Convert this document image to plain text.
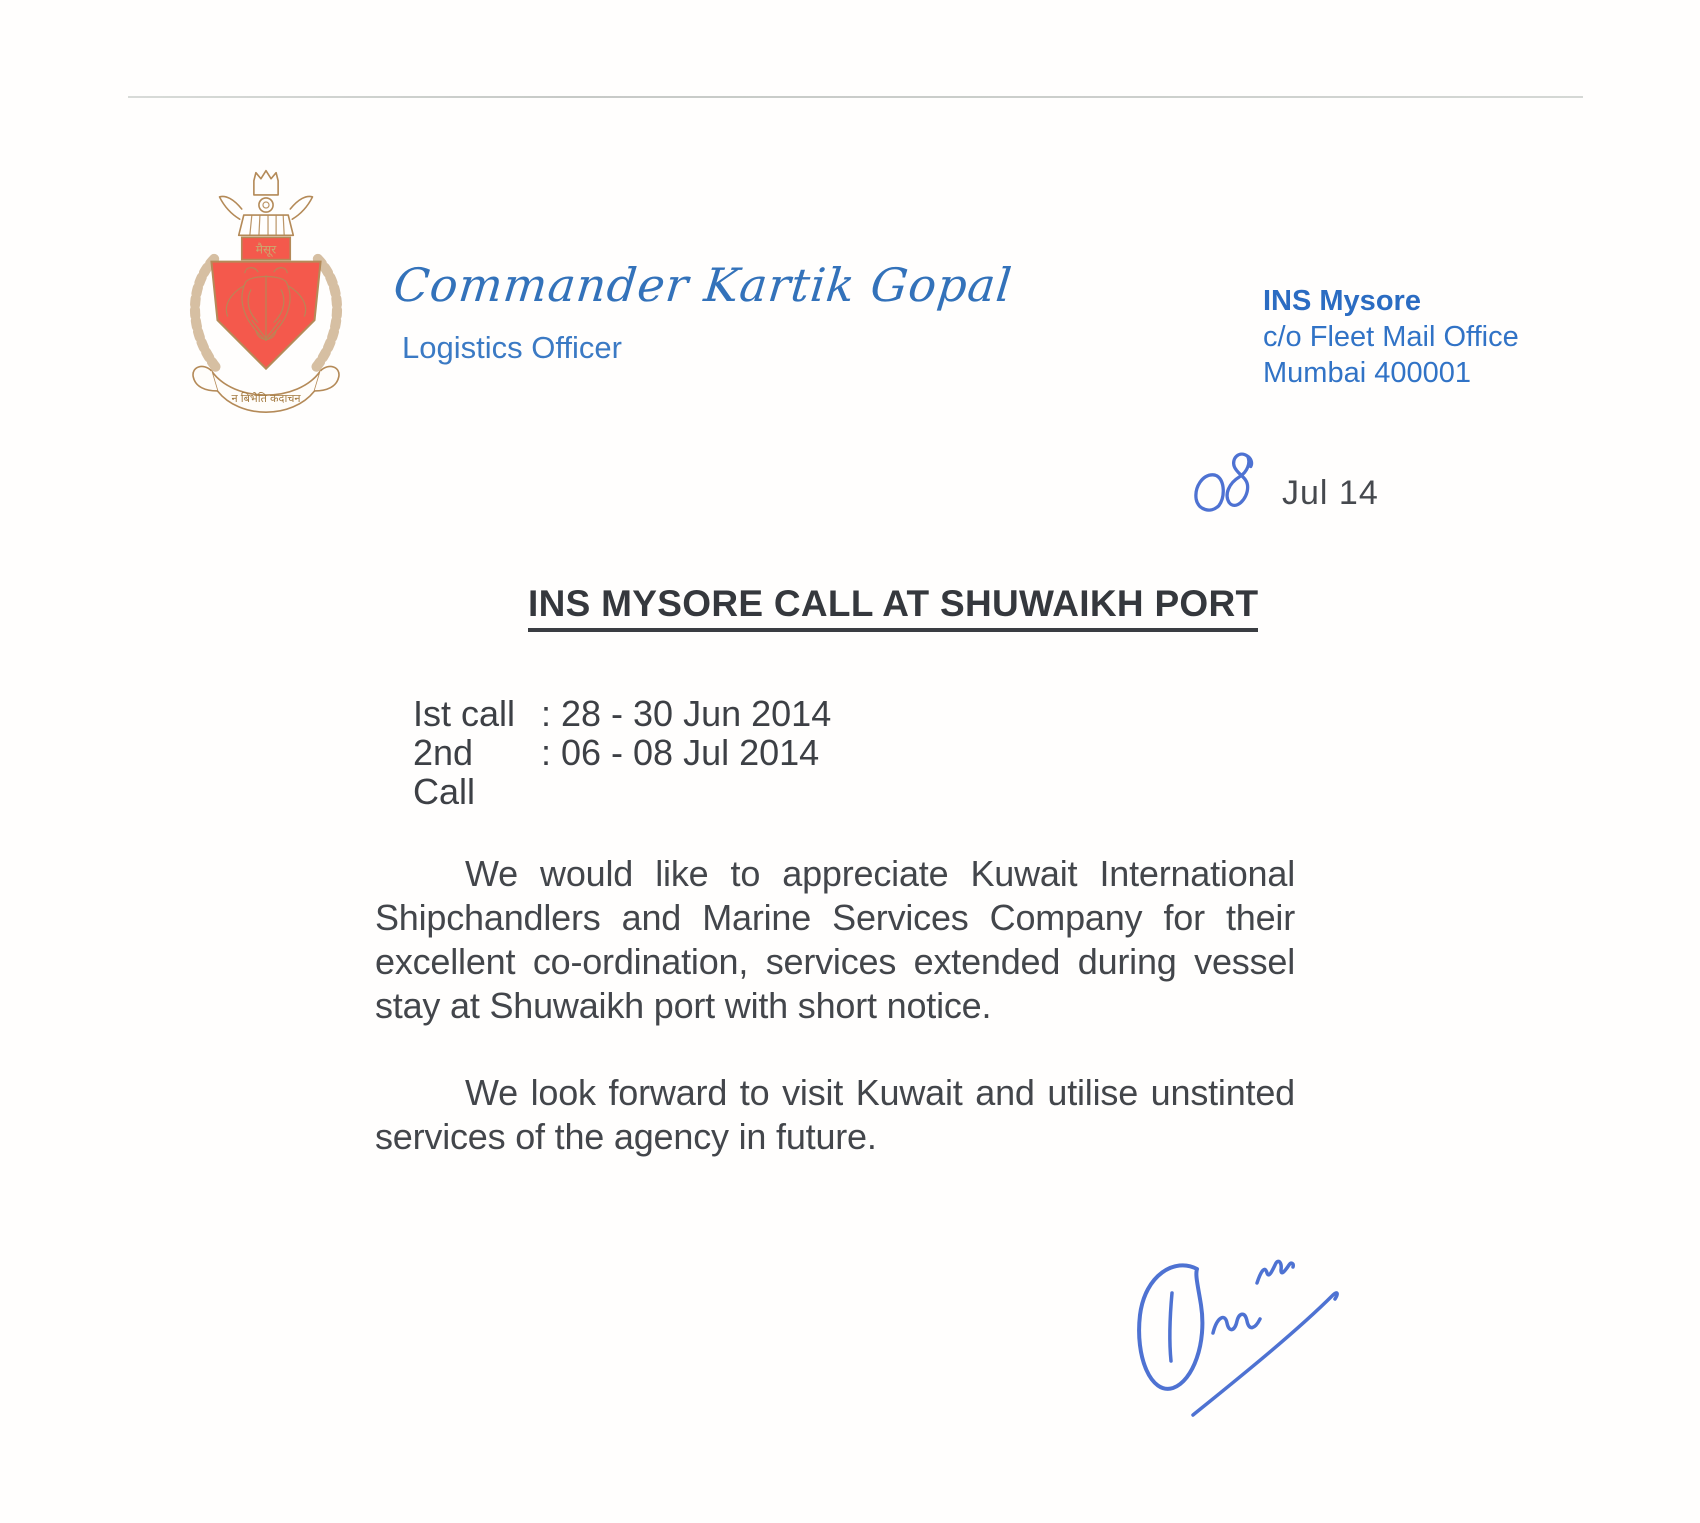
मैसूर
न बिभेति कदाचन
Commander Kartik Gopal
Logistics Officer
INS Mysore
c/o Fleet Mail Office
Mumbai 400001
Jul 14
INS MYSORE CALL AT SHUWAIKH PORT
Ist call : 28 - 30 Jun 2014
2nd Call
: 06 - 08 Jul 2014

We would like to appreciate Kuwait International Shipchandlers and Marine Services Company for their excellent co-ordination, services extended during vessel stay at Shuwaikh port with short notice.

We look forward to visit Kuwait and utilise unstinted services of the agency in future.
